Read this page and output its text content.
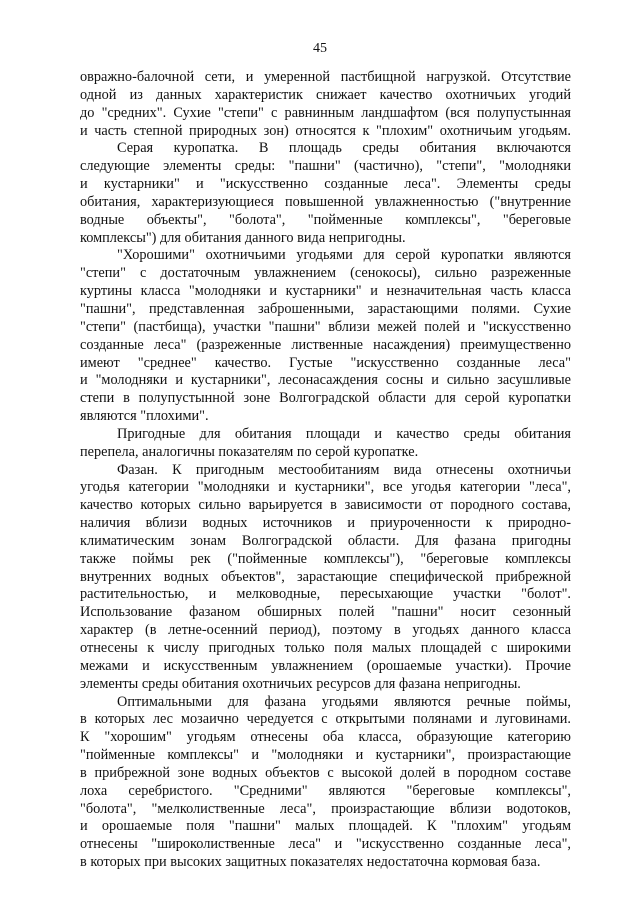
45
овражно-балочной сети, и умеренной пастбищной нагрузкой. Отсутствие
одной из данных характеристик снижает качество охотничьих угодий
до "средних". Сухие "степи" с равнинным ландшафтом (вся полупустынная
и часть степной природных зон) относятся к "плохим" охотничьим угодьям.
Серая куропатка. В площадь среды обитания включаются
следующие элементы среды: "пашни" (частично), "степи", "молодняки
и кустарники" и "искусственно созданные леса". Элементы среды
обитания, характеризующиеся повышенной увлажненностью ("внутренние
водные объекты", "болота", "пойменные комплексы", "береговые
комплексы") для обитания данного вида непригодны.
"Хорошими" охотничьими угодьями для серой куропатки являются
"степи" с достаточным увлажнением (сенокосы), сильно разреженные
куртины класса "молодняки и кустарники" и незначительная часть класса
"пашни", представленная заброшенными, зарастающими полями. Сухие
"степи" (пастбища), участки "пашни" вблизи межей полей и "искусственно
созданные леса" (разреженные лиственные насаждения) преимущественно
имеют "среднее" качество. Густые "искусственно созданные леса"
и "молодняки и кустарники", лесонасаждения сосны и сильно засушливые
степи в полупустынной зоне Волгоградской области для серой куропатки
являются "плохими".
Пригодные для обитания площади и качество среды обитания
перепела, аналогичны показателям по серой куропатке.
Фазан. К пригодным местообитаниям вида отнесены охотничьи
угодья категории "молодняки и кустарники", все угодья категории "леса",
качество которых сильно варьируется в зависимости от породного состава,
наличия вблизи водных источников и приуроченности к природно-
климатическим зонам Волгоградской области. Для фазана пригодны
также поймы рек ("пойменные комплексы"), "береговые комплексы
внутренних водных объектов", зарастающие специфической прибрежной
растительностью, и мелководные, пересыхающие участки "болот".
Использование фазаном обширных полей "пашни" носит сезонный
характер (в летне-осенний период), поэтому в угодьях данного класса
отнесены к числу пригодных только поля малых площадей с широкими
межами и искусственным увлажнением (орошаемые участки). Прочие
элементы среды обитания охотничьих ресурсов для фазана непригодны.
Оптимальными для фазана угодьями являются речные поймы,
в которых лес мозаично чередуется с открытыми полянами и луговинами.
К "хорошим" угодьям отнесены оба класса, образующие категорию
"пойменные комплексы" и "молодняки и кустарники", произрастающие
в прибрежной зоне водных объектов с высокой долей в породном составе
лоха серебристого. "Средними" являются "береговые комплексы",
"болота", "мелколиственные леса", произрастающие вблизи водотоков,
и орошаемые поля "пашни" малых площадей. К "плохим" угодьям
отнесены "широколиственные леса" и "искусственно созданные леса",
в которых при высоких защитных показателях недостаточна кормовая база.
